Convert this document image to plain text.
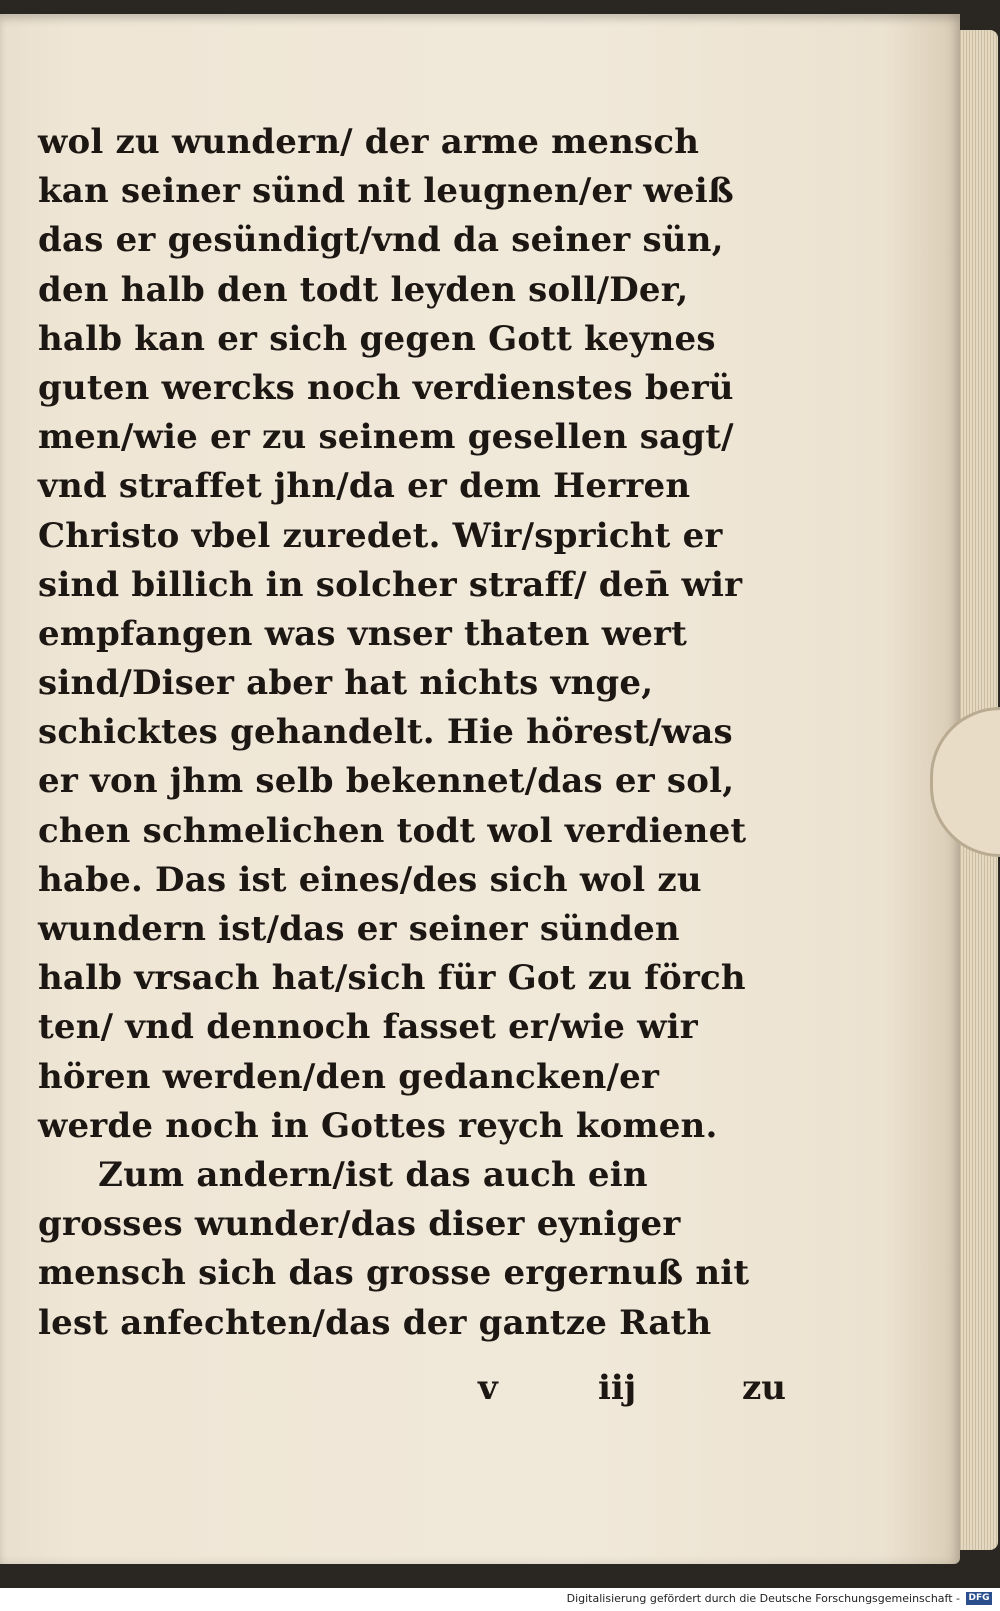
wol zu wundern/ der arme mensch
kan seiner sünd nit leugnen/er weiß
das er gesündigt/vnd da seiner sün,
den halb den todt leyden soll/Der,
halb kan er sich gegen Gott keynes
guten wercks noch verdienstes berü
men/wie er zu seinem gesellen sagt/
vnd straffet jhn/da er dem Herren
Christo vbel zuredet. Wir/spricht er
sind billich in solcher straff/ den̄ wir
empfangen was vnser thaten wert
sind/Diser aber hat nichts vnge,
schicktes gehandelt. Hie hörest/was
er von jhm selb bekennet/das er sol,
chen schmelichen todt wol verdienet
habe. Das ist eines/des sich wol zu
wundern ist/das er seiner sünden
halb vrsach hat/sich für Got zu förch
ten/ vnd dennoch fasset er/wie wir
hören werden/den gedancken/er
werde noch in Gottes reych komen.
Zum andern/ist das auch ein
grosses wunder/das diser eyniger
mensch sich das grosse ergernuß nit
lest anfechten/das der gantze Rath
v	iij	zu
Digitalisierung gefördert durch die Deutsche Forschungsgemeinschaft - DFG
